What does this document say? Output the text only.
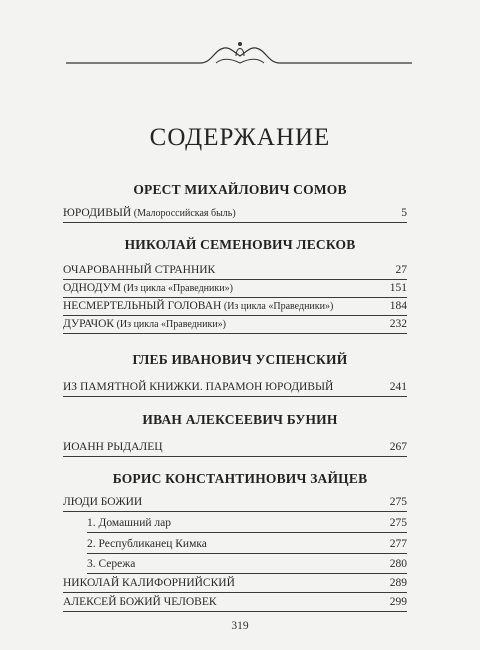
СОДЕРЖАНИЕ
ОРЕСТ МИХАЙЛОВИЧ СОМОВ
ЮРОДИВЫЙ (Малороссийская быль)	5
НИКОЛАЙ СЕМЕНОВИЧ ЛЕСКОВ
ОЧАРОВАННЫЙ СТРАННИК	27
ОДНОДУМ (Из цикла «Праведники»)	151
НЕСМЕРТЕЛЬНЫЙ ГОЛОВАН (Из цикла «Праведники»)	184
ДУРАЧОК (Из цикла «Праведники»)	232
ГЛЕБ ИВАНОВИЧ УСПЕНСКИЙ
ИЗ ПАМЯТНОЙ КНИЖКИ. ПАРАМОН ЮРОДИВЫЙ	241
ИВАН АЛЕКСЕЕВИЧ БУНИН
ИОАНН РЫДАЛЕЦ	267
БОРИС КОНСТАНТИНОВИЧ ЗАЙЦЕВ
ЛЮДИ БОЖИИ	275
1. Домашний лар	275
2. Республиканец Кимка	277
3. Сережа	280
НИКОЛАЙ КАЛИФОРНИЙСКИЙ	289
АЛЕКСЕЙ БОЖИЙ ЧЕЛОВЕК	299
319
